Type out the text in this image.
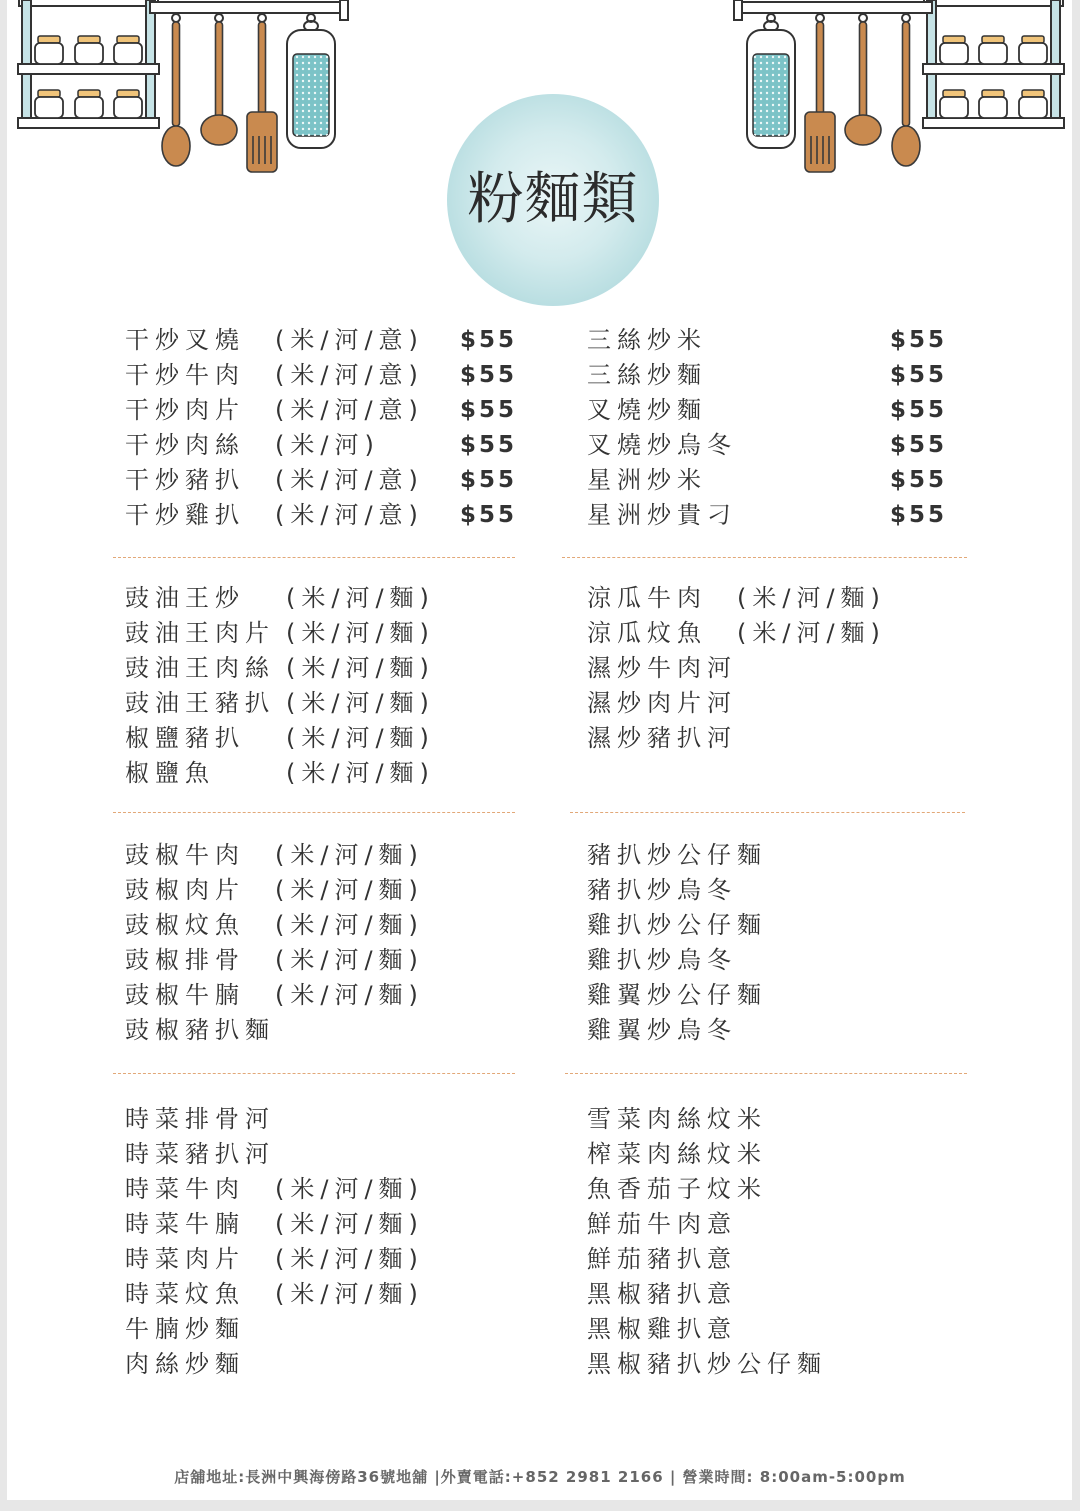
粉麵類
干炒叉燒 (米/河/意) $55
干炒牛肉 (米/河/意) $55
干炒肉片 (米/河/意) $55
干炒肉絲 (米/河)	$55
干炒豬扒 (米/河/意) $55
干炒雞扒 (米/河/意) $55
三絲炒米	$55
三絲炒麵	$55
叉燒炒麵	$55
叉燒炒烏冬	$55
星洲炒米	$55
星洲炒貴刁	$55
豉油王炒 (米/河/麵)
豉油王肉片 (米/河/麵)
豉油王肉絲 (米/河/麵)
豉油王豬扒 (米/河/麵)
椒鹽豬扒 (米/河/麵)
椒鹽魚	(米/河/麵)
涼瓜牛肉 (米/河/麵)
涼瓜炆魚 (米/河/麵)
濕炒牛肉河
濕炒肉片河
濕炒豬扒河
豉椒牛肉 (米/河/麵)
豉椒肉片 (米/河/麵)
豉椒炆魚 (米/河/麵)
豉椒排骨 (米/河/麵)
豉椒牛腩 (米/河/麵)
豉椒豬扒麵
豬扒炒公仔麵
豬扒炒烏冬
雞扒炒公仔麵
雞扒炒烏冬
雞翼炒公仔麵
雞翼炒烏冬
時菜排骨河
時菜豬扒河
時菜牛肉 (米/河/麵)
時菜牛腩 (米/河/麵)
時菜肉片 (米/河/麵)
時菜炆魚 (米/河/麵)
牛腩炒麵
肉絲炒麵
雪菜肉絲炆米
榨菜肉絲炆米
魚香茄子炆米
鮮茄牛肉意
鮮茄豬扒意
黑椒豬扒意
黑椒雞扒意
黑椒豬扒炒公仔麵
店舖地址:長洲中興海傍路36號地舖 |外賣電話:+852 2981 2166 | 營業時間: 8:00am-5:00pm
